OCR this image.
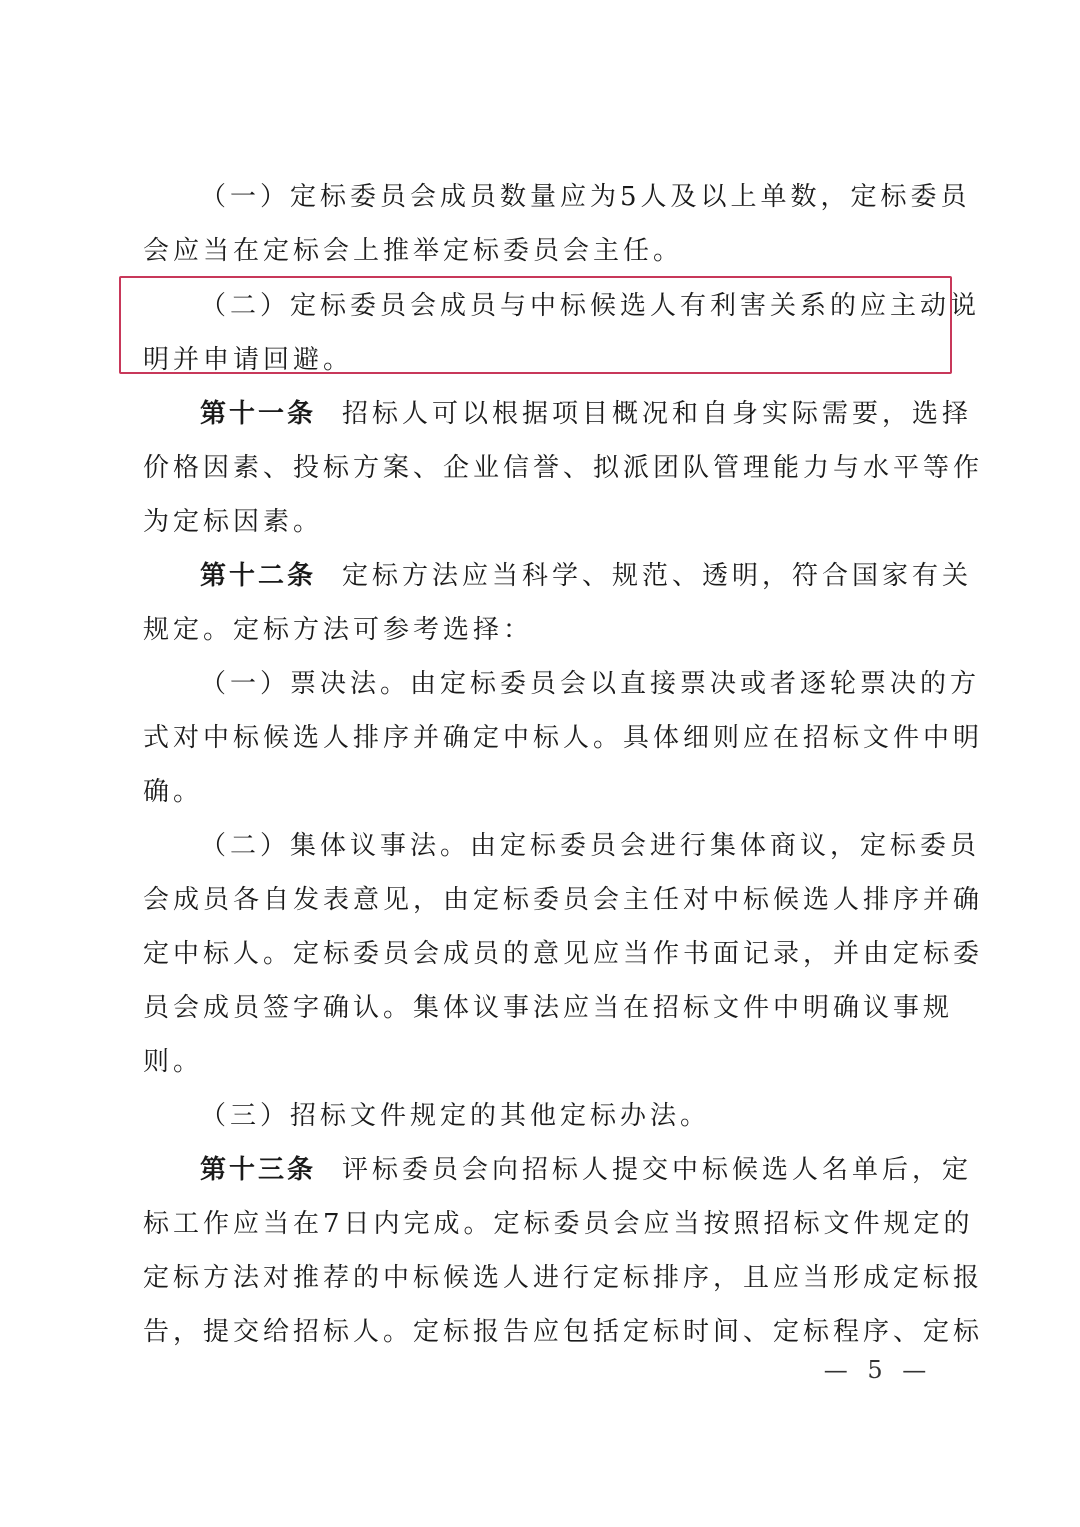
（一）定标委员会成员数量应为5人及以上单数，定标委员
会应当在定标会上推举定标委员会主任。
（二）定标委员会成员与中标候选人有利害关系的应主动说
明并申请回避。
第十一条 招标人可以根据项目概况和自身实际需要，选择
价格因素、投标方案、企业信誉、拟派团队管理能力与水平等作
为定标因素。
第十二条 定标方法应当科学、规范、透明，符合国家有关
规定。定标方法可参考选择：
（一）票决法。由定标委员会以直接票决或者逐轮票决的方
式对中标候选人排序并确定中标人。具体细则应在招标文件中明
确。
（二）集体议事法。由定标委员会进行集体商议，定标委员
会成员各自发表意见，由定标委员会主任对中标候选人排序并确
定中标人。定标委员会成员的意见应当作书面记录，并由定标委
员会成员签字确认。集体议事法应当在招标文件中明确议事规
则。
（三）招标文件规定的其他定标办法。
第十三条 评标委员会向招标人提交中标候选人名单后，定
标工作应当在7日内完成。定标委员会应当按照招标文件规定的
定标方法对推荐的中标候选人进行定标排序，且应当形成定标报
告，提交给招标人。定标报告应包括定标时间、定标程序、定标
— 5 —
